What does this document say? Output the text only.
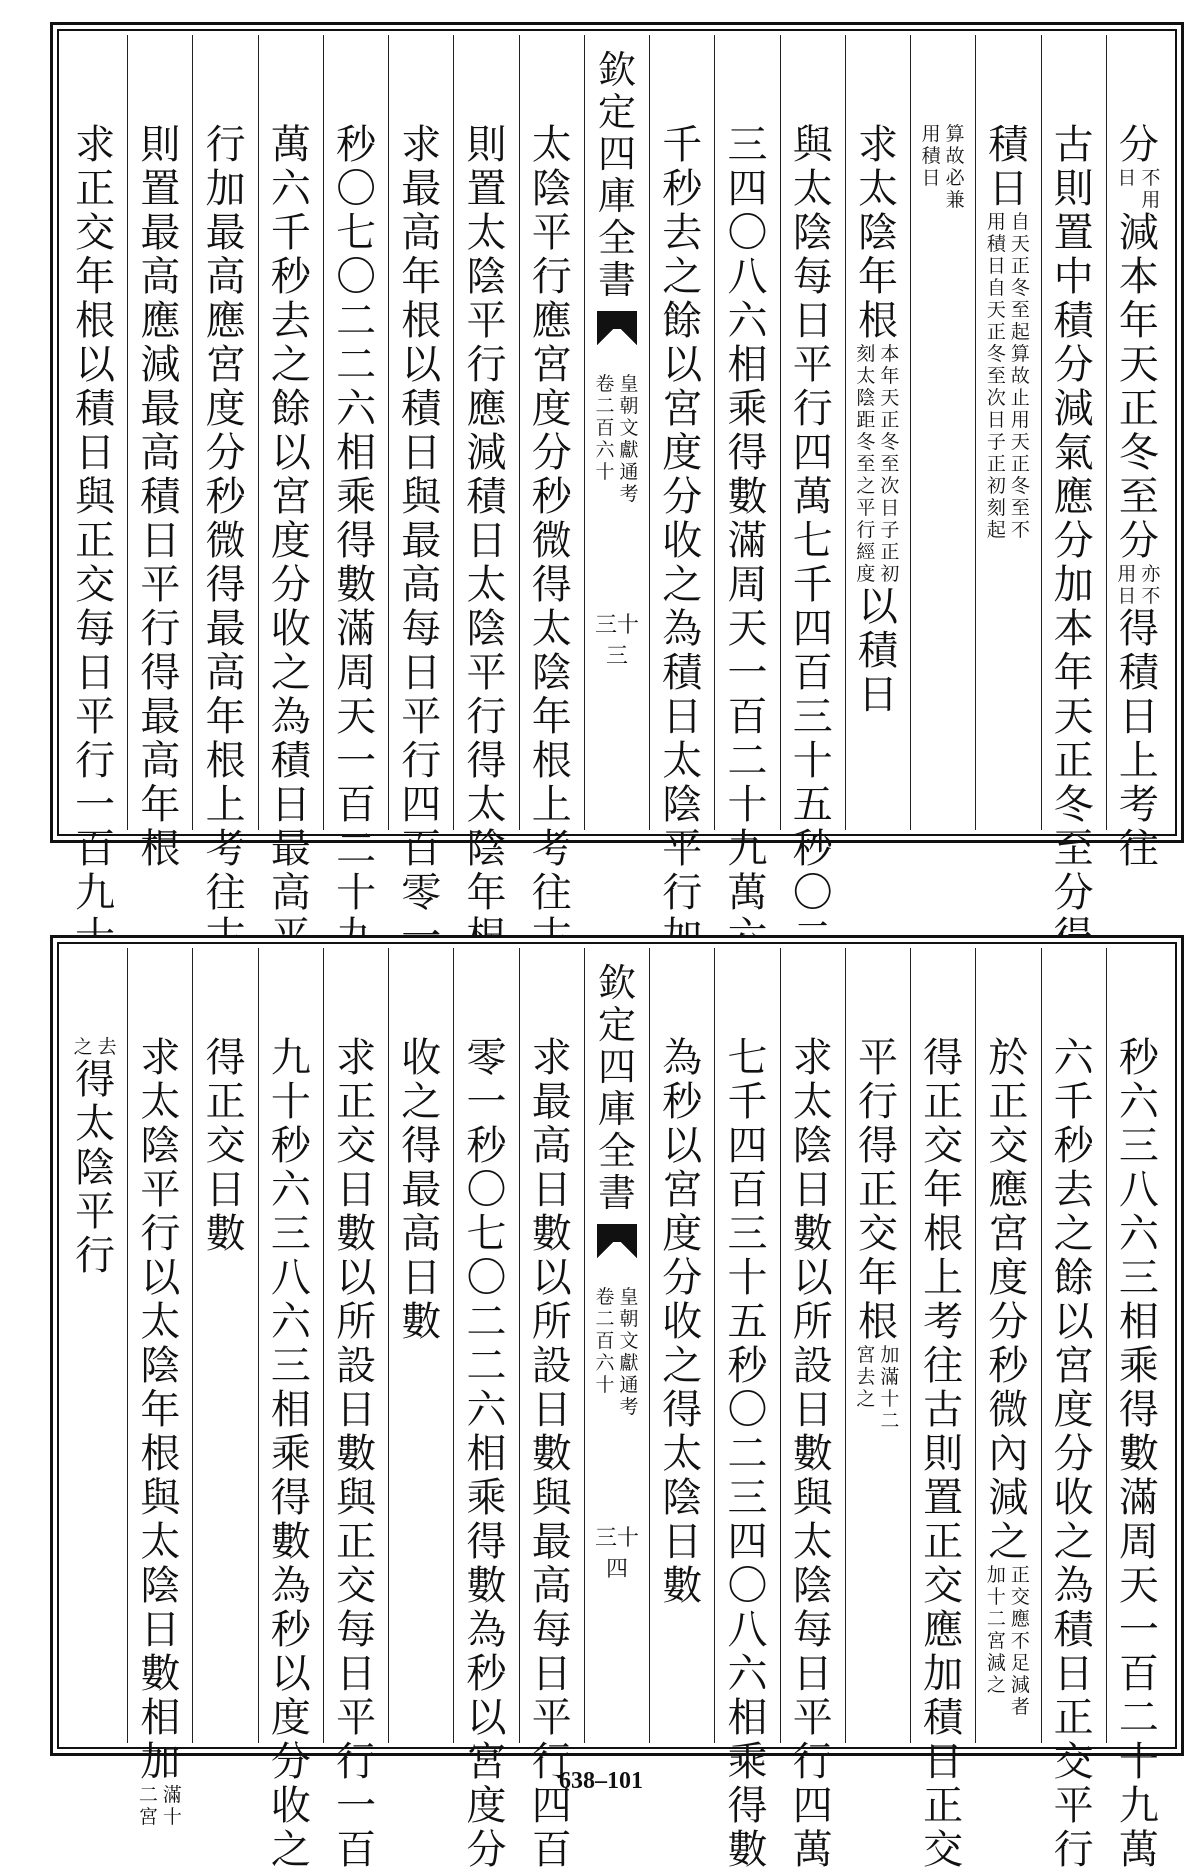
分
不
用
日
減
本
年
天
正
冬
至
分
亦
不
用
日
得
積
日
上
考
往
古
則
置
中
積
分
減
氣
應
分
加
本
年
天
正
冬
至
分
積
日
自
天
正
冬
至
起
算
故
止
用
天
正
冬
至
不
用
積
日
自
天
正
冬
至
次
日
子
正
初
刻
起
算
故
必
兼
用
積
日
求
太
陰
年
根
本
年
天
正
冬
至
次
日
子
正
初
刻
太
陰
距
冬
至
之
平
行
經
度
以
積
日
與
太
陰
每
日
平
行
四
萬
七
千
四
百
三
十
五
秒
〇
三
四
〇
八
六
相
乘
得
數
滿
周
天
一
百
二
十
九
萬
千
秒
去
之
餘
以
宮
度
分
收
之
為
積
日
太
陰
平
行
欽
定
四
庫
全
書
皇
朝
文
獻
通
考
卷
二
百
六
十
三十三
太
陰
平
行
應
宮
度
分
秒
微
得
太
陰
年
根
上
考
往
則
置
太
陰
平
行
應
減
積
日
太
陰
平
行
得
太
陰
年
求
最
高
年
根
以
積
日
與
最
高
每
日
平
行
四
百
零
秒
〇
七
〇
二
二
六
相
乘
得
數
滿
周
天
一
百
二
十
萬
六
千
秒
去
之
餘
以
宮
度
分
收
之
為
積
日
最
高
行
加
最
高
應
宮
度
分
秒
微
得
最
高
年
根
上
考
往
則
置
最
高
應
減
最
高
積
日
平
行
得
最
高
年
根
求
正
交
年
根
以
積
日
與
正
交
每
日
平
行
一
百
九
秒
六
三
八
六
三
相
乘
得
數
滿
周
天
一
百
二
十
九
萬
六
千
秒
去
之
餘
以
宮
度
分
收
之
為
積
日
正
交
平
行
於
正
交
應
宮
度
分
秒
微
內
減
之
正
交
應
不
足
減
者
加
十
二
宮
減
之
得
正
交
年
根
上
考
往
古
則
置
正
交
應
加
積
日
正
交
平
行
得
正
交
年
根
加
滿
十
二
宮
去
之
求
太
陰
日
數
以
所
設
日
數
與
太
陰
每
日
平
行
四
萬
七
千
四
百
三
十
五
秒
〇
二
三
四
〇
八
六
相
乘
得
數
為
秒
以
宮
度
分
收
之
得
太
陰
日
數
欽
定
四
庫
全
書
皇
朝
文
獻
通
考
卷
二
百
六
十
三十四
求
最
高
日
數
以
所
設
日
數
與
最
高
每
日
平
行
四
百
零
一
秒
〇
七
〇
二
二
六
相
乘
得
數
為
秒
以
宮
度
分
收
之
得
最
高
日
數
求
正
交
日
數
以
所
設
日
數
與
正
交
每
日
平
行
一
百
九
十
秒
六
三
八
六
三
相
乘
得
數
為
秒
以
度
分
收
之
得
正
交
日
數
求
太
陰
平
行
以
太
陰
年
根
與
太
陰
日
數
相
加
滿
十
二
宮
去
之
得
太
陰
平
行
638–101
